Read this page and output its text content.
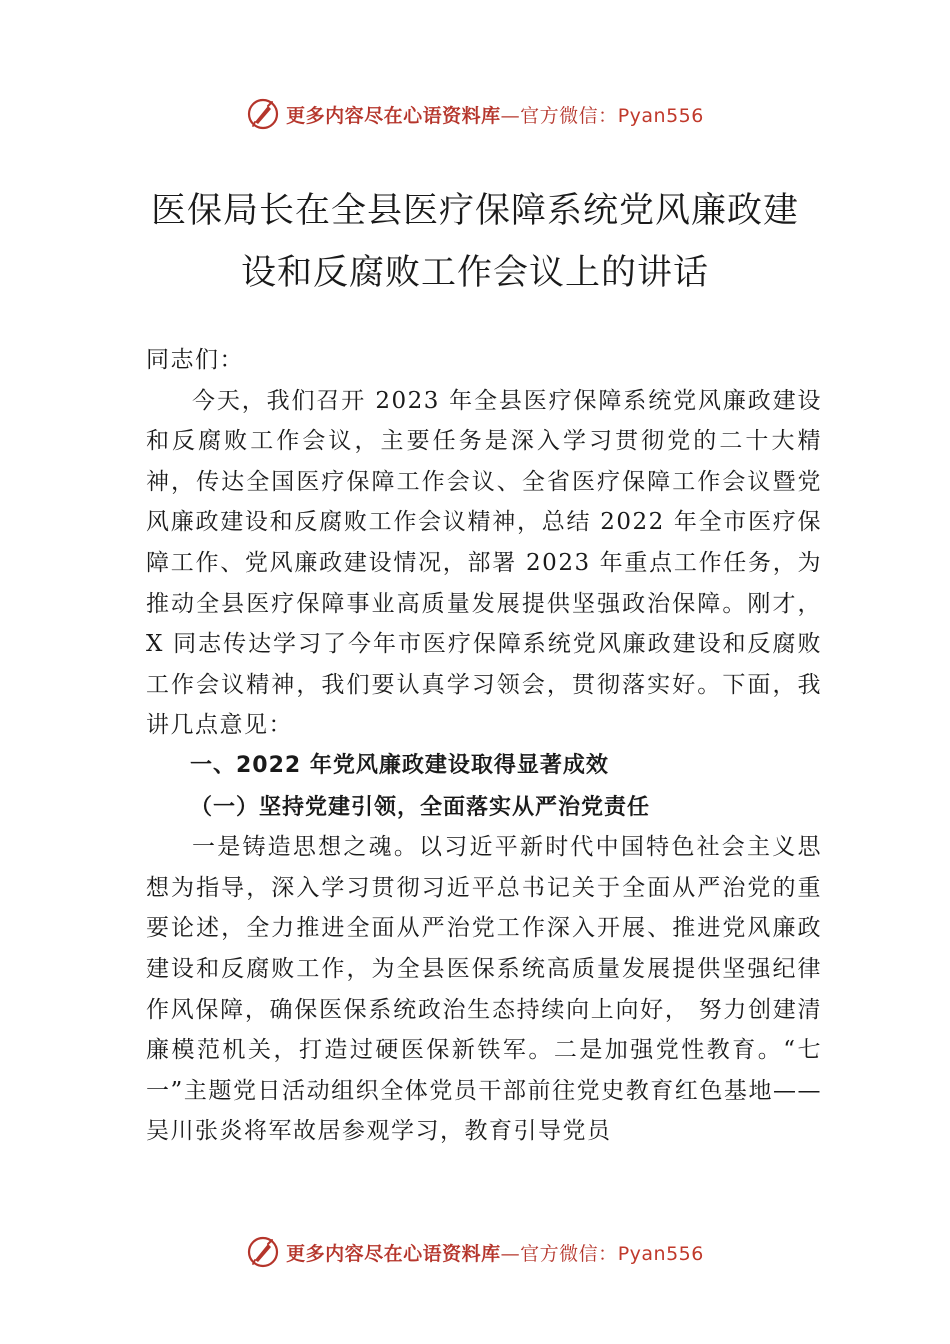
更多内容尽在心语资料库—官方微信：Pyan556
医保局长在全县医疗保障系统党风廉政建设和反腐败工作会议上的讲话

同志们：

今天，我们召开 2023 年全县医疗保障系统党风廉政建设和反腐败工作会议，主要任务是深入学习贯彻党的二十大精神，传达全国医疗保障工作会议、全省医疗保障工作会议暨党风廉政建设和反腐败工作会议精神，总结 2022 年全市医疗保障工作、党风廉政建设情况，部署 2023 年重点工作任务，为推动全县医疗保障事业高质量发展提供坚强政治保障。刚才，X 同志传达学习了今年市医疗保障系统党风廉政建设和反腐败工作会议精神，我们要认真学习领会，贯彻落实好。下面，我讲几点意见：

一、2022 年党风廉政建设取得显著成效

（一）坚持党建引领，全面落实从严治党责任

一是铸造思想之魂。以习近平新时代中国特色社会主义思想为指导，深入学习贯彻习近平总书记关于全面从严治党的重要论述，全力推进全面从严治党工作深入开展、推进党风廉政建设和反腐败工作，为全县医保系统高质量发展提供坚强纪律作风保障，确保医保系统政治生态持续向上向好， 努力创建清廉模范机关，打造过硬医保新铁军。二是加强党性教育。“七一”主题党日活动组织全体党员干部前往党史教育红色基地——吴川张炎将军故居参观学习，教育引导党员

更多内容尽在心语资料库—官方微信：Pyan556
